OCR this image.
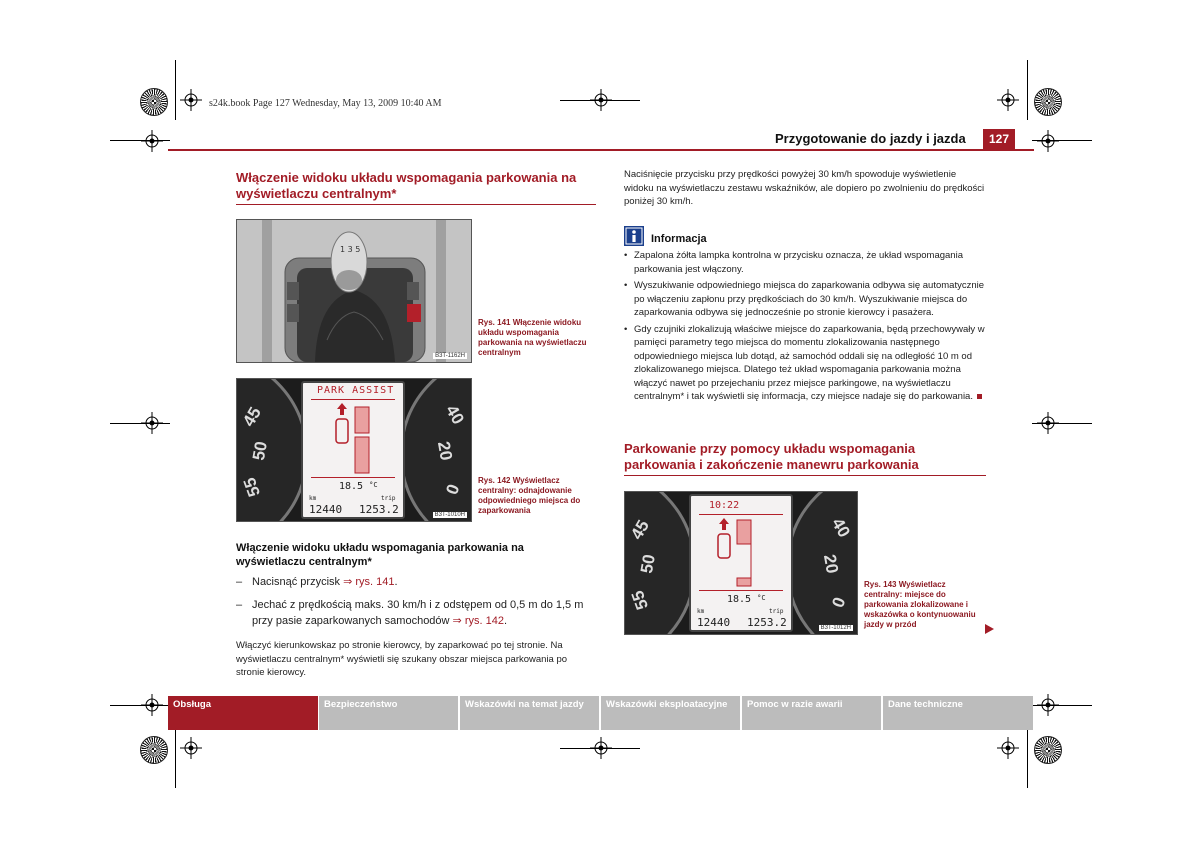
s24k.book Page 127 Wednesday, May 13, 2009 10:40 AM
Przygotowanie do jazdy i jazda	127
Włączenie widoku układu wspomagania parkowania na wyświetlaczu centralnym*
1 3 5
B3T-1162H
Rys. 141 Włączenie widoku układu wspomagania parkowania na wyświetlaczu centralnym
45
50
55
40
20
0
PARK ASSIST
18.5 $^{^\circ C}$
km	trip
12440 1253.2	B3T-1010H
Rys. 142 Wyświetlacz centralny: odnajdowanie odpowiedniego miejsca do zaparkowania
Włączenie widoku układu wspomagania parkowania na wyświetlaczu centralnym*
– Nacisnąć przycisk ⇒ rys. 141.
– Jechać z prędkością maks. 30 km/h i z odstępem od 0,5 m do 1,5 m przy pasie zaparkowanych samochodów ⇒ rys. 142.
Włączyć kierunkowskaz po stronie kierowcy, by zaparkować po tej stronie. Na wyświetlaczu centralnym* wyświetli się szukany obszar miejsca parkowania po stronie kierowcy.
Naciśnięcie przycisku przy prędkości powyżej 30 km/h spowoduje wyświetlenie widoku na wyświetlaczu zestawu wskaźników, ale dopiero po zwolnieniu do prędkości poniżej 30 km/h.
Informacja
• Zapalona żółta lampka kontrolna w przycisku oznacza, że układ wspomagania parkowania jest włączony.
• Wyszukiwanie odpowiedniego miejsca do zaparkowania odbywa się automatycznie po włączeniu zapłonu przy prędkościach do 30 km/h. Wyszukiwanie miejsca do zaparkowania odbywa się jednocześnie po stronie kierowcy i pasażera.
• Gdy czujniki zlokalizują właściwe miejsce do zaparkowania, będą przechowywały w pamięci parametry tego miejsca do momentu zlokalizowania następnego odpowiedniego miejsca lub dotąd, aż samochód oddali się na odległość 10 m od zlokalizowanego miejsca. Dlatego też układ wspomagania parkowania można włączyć nawet po przejechaniu przez miejsce parkingowe, na wyświetlaczu centralnym* i tak wyświetli się informacja, czy miejsce nadaje się do parkowania.
Parkowanie przy pomocy układu wspomagania parkowania i zakończenie manewru parkowania
45
50
55
40
20
0
10:22
18.5 $^{^\circ C}$
km	trip
12440 1253.2	B3T-1012H
Rys. 143 Wyświetlacz centralny: miejsce do parkowania zlokalizowane i wskazówka o kontynuowaniu jazdy w przód
Obsługa	Bezpieczeństwo	Wskazówki na temat jazdy	Wskazówki eksploatacyjne	Pomoc w razie awarii	Dane techniczne
